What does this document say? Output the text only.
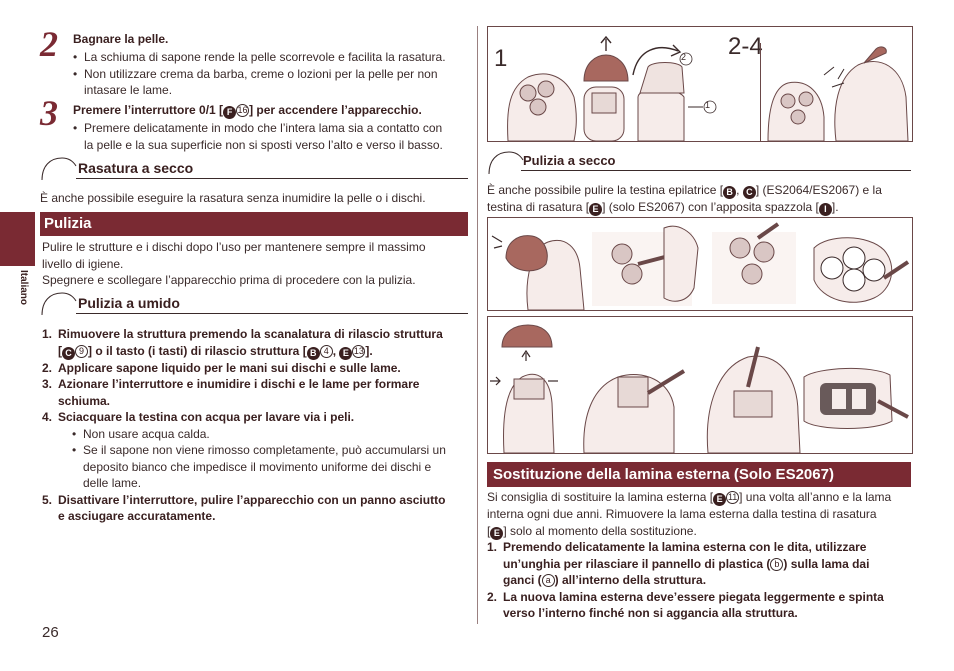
2 Bagnare la pelle.
• La schiuma di sapone rende la pelle scorrevole e facilita la rasatura.
• Non utilizzare crema da barba, creme o lozioni per la pelle per non
intasare le lame.
3 Premere l’interruttore 0/1 [ F 16 ] per accendere l’apparecchio.
• Premere delicatamente in modo che l’intera lama sia a contatto con
la pelle e la sua superficie non si sposti verso l’alto e verso il basso.
Rasatura a secco
È anche possibile eseguire la rasatura senza inumidire la pelle o i dischi.
Italiano
Pulizia
Pulire le strutture e i dischi dopo l’uso per mantenere sempre il massimo
livello di igiene.
Spegnere e scollegare l’apparecchio prima di procedere con la pulizia.
Pulizia a umido
1. Rimuovere la struttura premendo la scanalatura di rilascio struttura
[ C 9 ] o il tasto (i tasti) di rilascio struttura [ B 4 , E 13 ].
2. Applicare sapone liquido per le mani sui dischi e sulle lame.
3. Azionare l’interruttore e inumidire i dischi e le lame per formare
schiuma.
4. Sciacquare la testina con acqua per lavare via i peli.
• Non usare acqua calda.
• Se il sapone non viene rimosso completamente, può accumularsi un
deposito bianco che impedisce il movimento uniforme dei dischi e
delle lame.
5. Disattivare l’interruttore, pulire l’apparecchio con un panno asciutto
e asciugare accuratamente.
26
1	2-4
2
1
Pulizia a secco
È anche possibile pulire la testina epilatrice [ B , C ] (ES2064/ES2067) e la
testina di rasatura [ E ] (solo ES2067) con l’apposita spazzola [ I ].
Sostituzione della lamina esterna (Solo ES2067)
Si consiglia di sostituire la lamina esterna [ E 11 ] una volta all’anno e la lama
interna ogni due anni. Rimuovere la lama esterna dalla testina di rasatura
[ E ] solo al momento della sostituzione.
1. Premendo delicatamente la lamina esterna con le dita, utilizzare
un’unghia per rilasciare il pannello di plastica ( b ) sulla lama dai
ganci ( a ) all’interno della struttura.
2. La nuova lamina esterna deve’essere piegata leggermente e spinta
verso l’interno finché non si aggancia alla struttura.
